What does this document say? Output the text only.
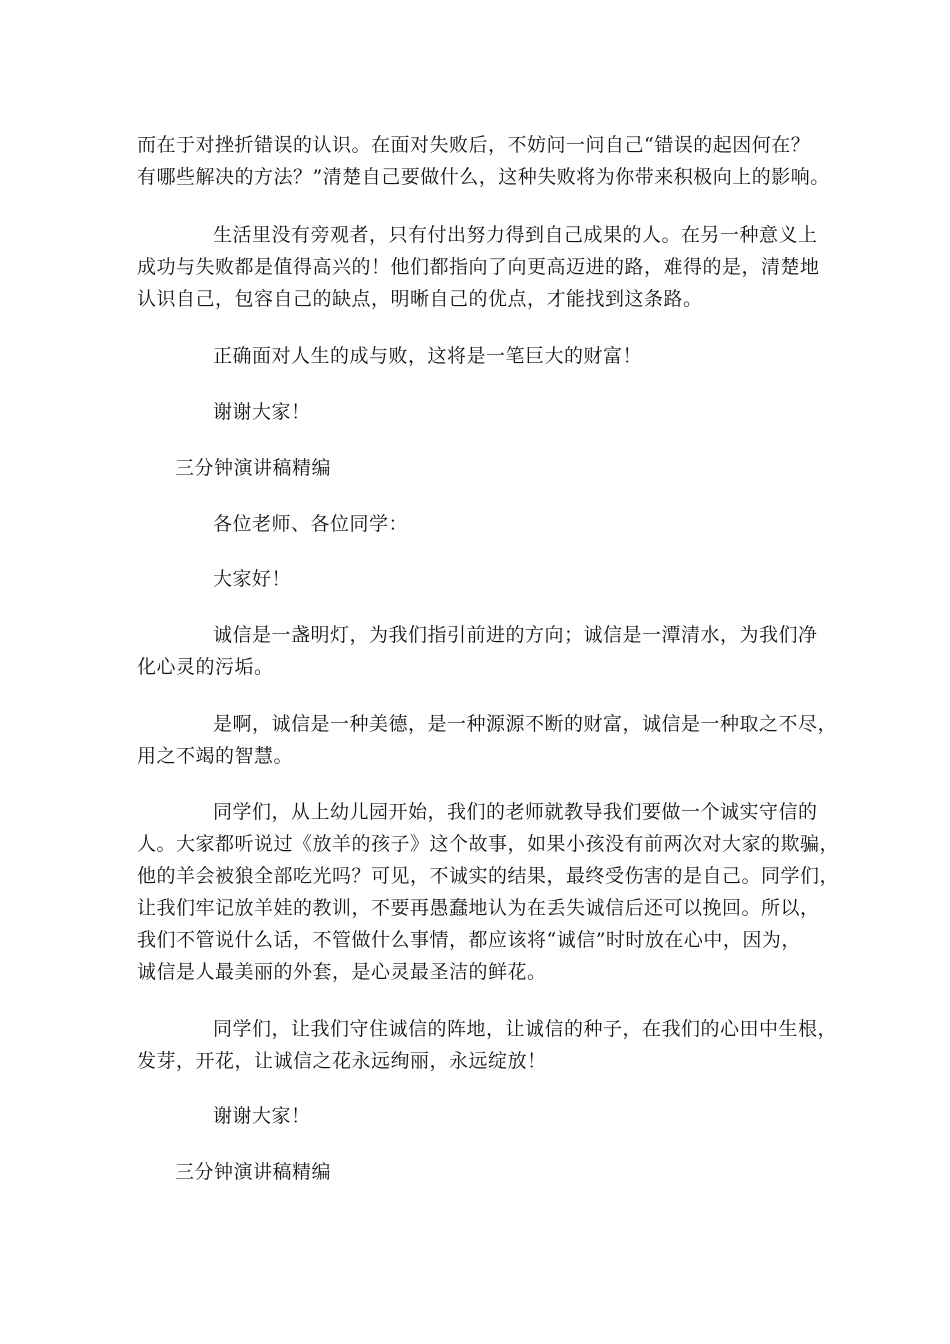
而在于对挫折错误的认识。在面对失败后，不妨问一问自己“错误的起因何在？
有哪些解决的方法？”清楚自己要做什么，这种失败将为你带来积极向上的影响。
生活里没有旁观者，只有付出努力得到自己成果的人。在另一种意义上
成功与失败都是值得高兴的！他们都指向了向更高迈进的路，难得的是，清楚地
认识自己，包容自己的缺点，明晰自己的优点，才能找到这条路。
正确面对人生的成与败，这将是一笔巨大的财富！
谢谢大家！
三分钟演讲稿精编
各位老师、各位同学：
大家好！
诚信是一盏明灯，为我们指引前进的方向；诚信是一潭清水，为我们净
化心灵的污垢。
是啊，诚信是一种美德，是一种源源不断的财富，诚信是一种取之不尽，
用之不竭的智慧。
同学们，从上幼儿园开始，我们的老师就教导我们要做一个诚实守信的
人。大家都听说过《放羊的孩子》这个故事，如果小孩没有前两次对大家的欺骗，
他的羊会被狼全部吃光吗？可见，不诚实的结果，最终受伤害的是自己。同学们，
让我们牢记放羊娃的教训，不要再愚蠢地认为在丢失诚信后还可以挽回。所以，
我们不管说什么话，不管做什么事情，都应该将“诚信”时时放在心中，因为，
诚信是人最美丽的外套，是心灵最圣洁的鲜花。
同学们，让我们守住诚信的阵地，让诚信的种子，在我们的心田中生根，
发芽，开花，让诚信之花永远绚丽，永远绽放！
谢谢大家！
三分钟演讲稿精编
